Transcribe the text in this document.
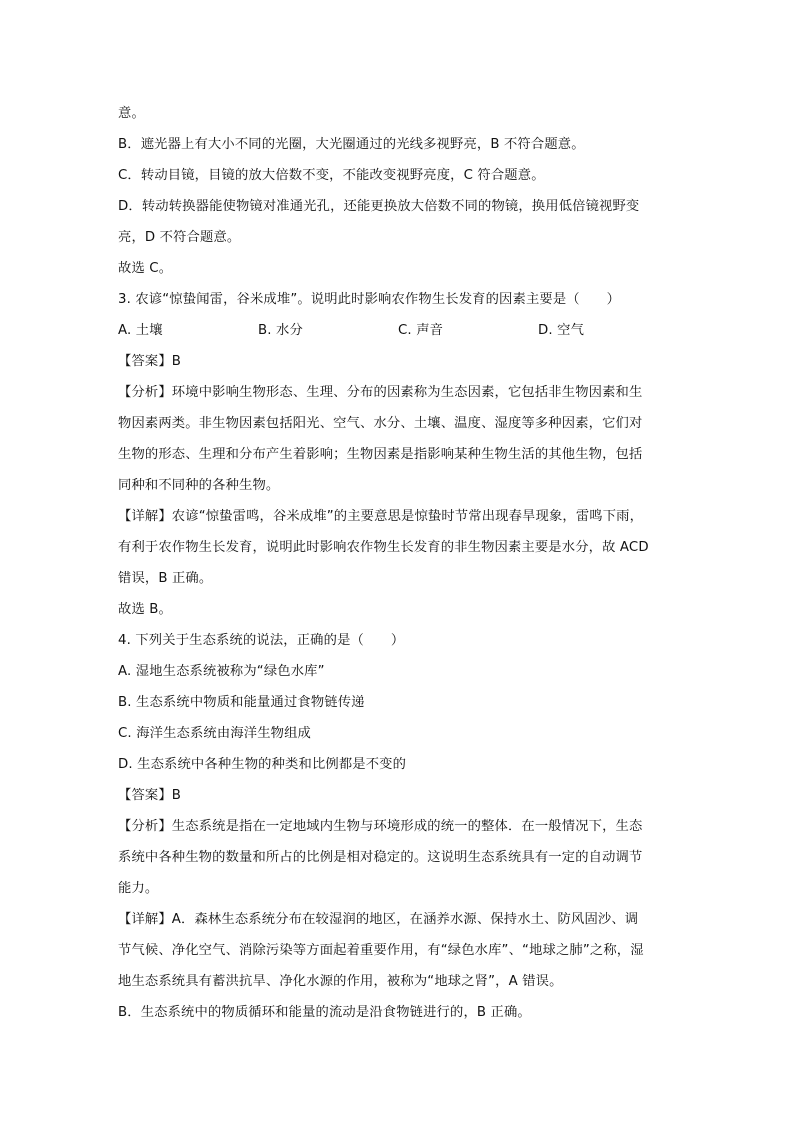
意。
B．遮光器上有大小不同的光圈，大光圈通过的光线多视野亮，B 不符合题意。
C．转动目镜，目镜的放大倍数不变，不能改变视野亮度，C 符合题意。
D．转动转换器能使物镜对准通光孔，还能更换放大倍数不同的物镜，换用低倍镜视野变
亮，D 不符合题意。
故选 C。
3. 农谚“惊蛰闻雷，谷米成堆”。说明此时影响农作物生长发育的因素主要是（　　）
A. 土壤	B. 水分	C. 声音	D. 空气
【答案】B
【分析】环境中影响生物形态、生理、分布的因素称为生态因素，它包括非生物因素和生
物因素两类。非生物因素包括阳光、空气、水分、土壤、温度、湿度等多种因素，它们对
生物的形态、生理和分布产生着影响；生物因素是指影响某种生物生活的其他生物，包括
同种和不同种的各种生物。
【详解】农谚“惊蛰雷鸣，谷米成堆”的主要意思是惊蛰时节常出现春旱现象，雷鸣下雨，
有利于农作物生长发育，说明此时影响农作物生长发育的非生物因素主要是水分，故 ACD
错误，B 正确。
故选 B。
4. 下列关于生态系统的说法，正确的是（　　）
A. 湿地生态系统被称为“绿色水库”
B. 生态系统中物质和能量通过食物链传递
C. 海洋生态系统由海洋生物组成
D. 生态系统中各种生物的种类和比例都是不变的
【答案】B
【分析】生态系统是指在一定地域内生物与环境形成的统一的整体．在一般情况下，生态
系统中各种生物的数量和所占的比例是相对稳定的。这说明生态系统具有一定的自动调节
能力。
【详解】A．森林生态系统分布在较湿润的地区，在涵养水源、保持水土、防风固沙、调
节气候、净化空气、消除污染等方面起着重要作用，有“绿色水库”、“地球之肺”之称，湿
地生态系统具有蓄洪抗旱、净化水源的作用，被称为“地球之肾”，A 错误。
B．生态系统中的物质循环和能量的流动是沿食物链进行的，B 正确。
